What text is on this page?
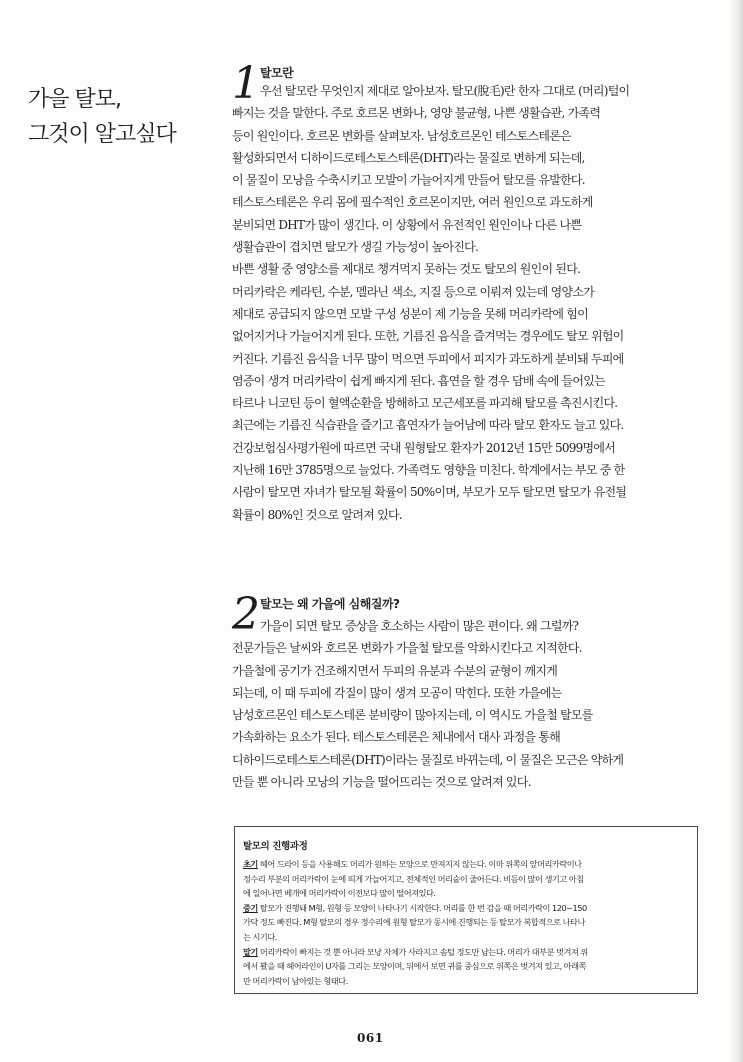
가을 탈모,
그것이 알고싶다
1 탈모란

우선 탈모란 무엇인지 제대로 알아보자. 탈모(脫毛)란 한자 그대로 (머리)털이

빠지는 것을 말한다. 주로 호르몬 변화나, 영양 불균형, 나쁜 생활습관, 가족력

등이 원인이다. 호르몬 변화를 살펴보자. 남성호르몬인 테스토스테론은

활성화되면서 디하이드로테스토스테론(DHT)라는 물질로 변하게 되는데,

이 물질이 모낭을 수축시키고 모발이 가늘어지게 만들어 탈모를 유발한다.

테스토스테론은 우리 몸에 필수적인 호르몬이지만, 여러 원인으로 과도하게

분비되면 DHT가 많이 생긴다. 이 상황에서 유전적인 원인이나 다른 나쁜

생활습관이 겹치면 탈모가 생길 가능성이 높아진다.

바쁜 생활 중 영양소를 제대로 챙겨먹지 못하는 것도 탈모의 원인이 된다.

머리카락은 케라틴, 수분, 멜라닌 색소, 지질 등으로 이뤄져 있는데 영양소가

제대로 공급되지 않으면 모발 구성 성분이 제 기능을 못해 머리카락에 힘이

없어지거나 가늘어지게 된다. 또한, 기름진 음식을 즐겨먹는 경우에도 탈모 위험이

커진다. 기름진 음식을 너무 많이 먹으면 두피에서 피지가 과도하게 분비돼 두피에

염증이 생겨 머리카락이 쉽게 빠지게 된다. 흡연을 할 경우 담배 속에 들어있는

타르나 니코틴 등이 혈액순환을 방해하고 모근세포를 파괴해 탈모를 촉진시킨다.

최근에는 기름진 식습관을 즐기고 흡연자가 늘어남에 따라 탈모 환자도 늘고 있다.

건강보험심사평가원에 따르면 국내 원형탈모 환자가 2012년 15만 5099명에서

지난해 16만 3785명으로 늘었다. 가족력도 영향을 미친다. 학계에서는 부모 중 한

사람이 탈모면 자녀가 탈모될 확률이 50%이며, 부모가 모두 탈모면 탈모가 유전될

확률이 80%인 것으로 알려져 있다.

2 탈모는 왜 가을에 심해질까?

가을이 되면 탈모 증상을 호소하는 사람이 많은 편이다. 왜 그럴까?

전문가들은 날씨와 호르몬 변화가 가을철 탈모를 악화시킨다고 지적한다.

가을철에 공기가 건조해지면서 두피의 유분과 수분의 균형이 깨지게

되는데, 이 때 두피에 각질이 많이 생겨 모공이 막힌다. 또한 가을에는

남성호르몬인 테스토스테론 분비량이 많아지는데, 이 역시도 가을철 탈모를

가속화하는 요소가 된다. 테스토스테론은 체내에서 대사 과정을 통해

디하이드로테스토스테론(DHT)이라는 물질로 바뀌는데, 이 물질은 모근은 약하게

만들 뿐 아니라 모낭의 기능을 떨어뜨리는 것으로 알려져 있다.

탈모의 진행과정
초기 헤어 드라이 등을 사용해도 머리가 원하는 모양으로 만져지지 않는다. 이마 위쪽의 앞머리카락이나
정수리 부분의 머리카락이 눈에 띄게 가늘어지고, 전체적인 머리숱이 줄어든다. 비듬이 많이 생기고 아침
에 일어나면 베개에 머리카락이 이전보다 많이 떨어져있다.
중기 탈모가 진행돼 M형, 원형 등 모양이 나타나기 시작한다. 머리를 한 번 감을 때 머리카락이 120~150
가닥 정도 빠진다. M형 탈모의 경우 정수리에 원형 탈모가 동시에 진행되는 등 탈모가 복합적으로 나타나
는 시기다.
말기 머리카락이 빠지는 것 뿐 아니라 모낭 자체가 사라지고 솜털 정도만 남는다. 머리가 대부분 벗겨져 위
에서 봤을 때 헤어라인이 U자를 그리는 모양이며, 뒤에서 보면 귀를 중심으로 위쪽은 벗겨져 있고, 아래쪽
만 머리카락이 남아있는 형태다.
061
